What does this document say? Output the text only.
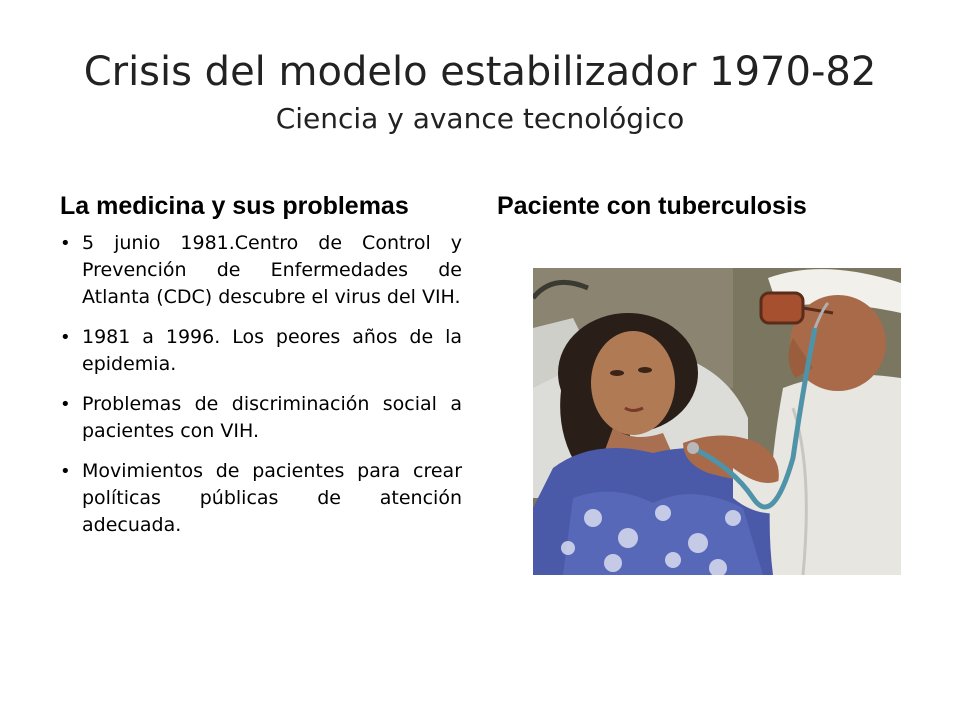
Crisis del modelo estabilizador 1970-82
Ciencia y avance tecnológico
La medicina y sus problemas	Paciente con tuberculosis
• 5 junio 1981.Centro de Control y Prevención de Enfermedades de Atlanta (CDC) descubre el virus del VIH.
• 1981 a 1996. Los peores años de la epidemia.
• Problemas de discriminación social a pacientes con VIH.
• Movimientos de pacientes para crear políticas públicas de atención adecuada.
